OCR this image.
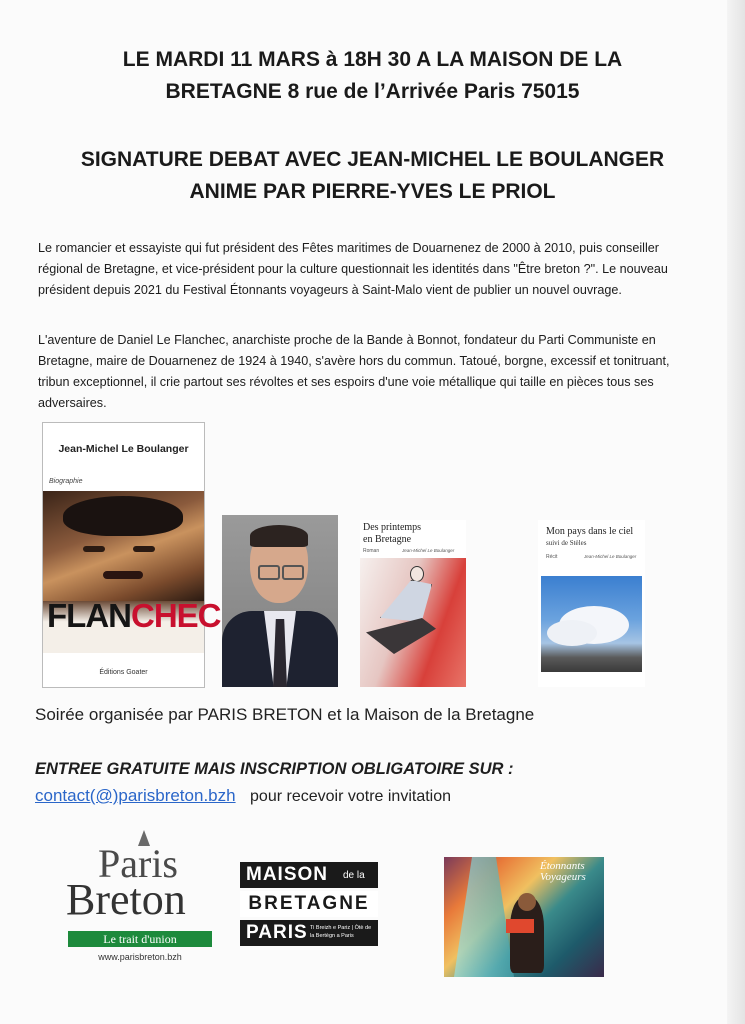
LE MARDI 11 MARS à 18H 30 A LA MAISON DE LA
BRETAGNE 8 rue de l’Arrivée Paris 75015
SIGNATURE DEBAT AVEC JEAN-MICHEL LE BOULANGER
ANIME PAR PIERRE-YVES LE PRIOL
Le romancier et essayiste qui fut président des Fêtes maritimes de Douarnenez de 2000 à 2010, puis conseiller régional de Bretagne, et vice-président pour la culture questionnait les identités dans "Être breton ?". Le nouveau président depuis 2021 du Festival Étonnants voyageurs à Saint-Malo vient de publier un nouvel ouvrage.
L'aventure de Daniel Le Flanchec, anarchiste proche de la Bande à Bonnot, fondateur du Parti Communiste en Bretagne, maire de Douarnenez de 1924 à 1940, s'avère hors du commun. Tatoué, borgne, excessif et tonitruant, tribun exceptionnel, il crie partout ses révoltes et ses espoirs d'une voie métallique qui taille en pièces tous ses adversaires.
Jean-Michel Le Boulanger
Biographie
FLANCHEC
Éditions Goater
Des printemps
en Bretagne
Roman	Jean-Michel Le Boulanger
Mon pays dans le ciel
suivi de Stèles
Récit	Jean-Michel Le Boulanger
Soirée organisée par PARIS BRETON et la Maison de la Bretagne
ENTREE GRATUITE MAIS INSCRIPTION OBLIGATOIRE SUR :
contact(@)parisbreton.bzh pour recevoir votre invitation
Paris
Breton
Le trait d'union
www.parisbreton.bzh
MAISON de la
BRETAGNE
PARIS Ti Breizh e Pariz | Òtè de la Bertègn a Paris
Étonnants
Voyageurs
